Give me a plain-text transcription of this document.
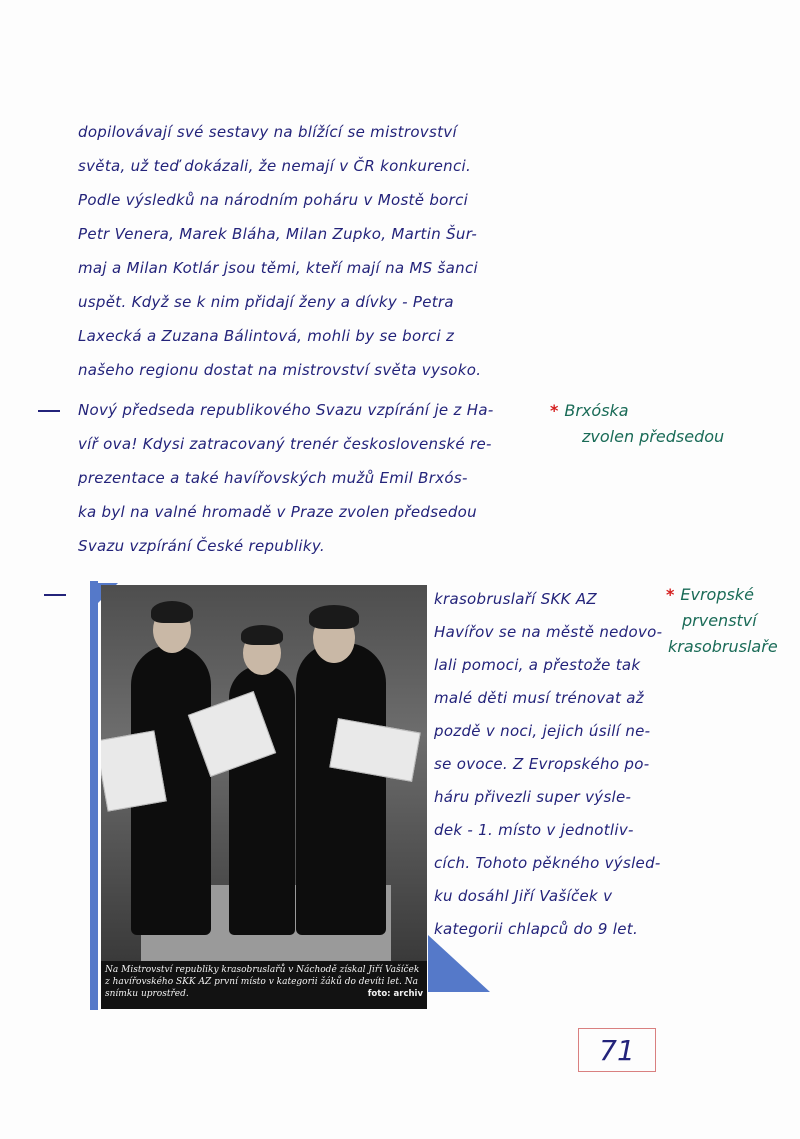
dopilovávají své sestavy na blížící se mistrovství
světa, už teď dokázali, že nemají v ČR konkurenci.
Podle výsledků na národním poháru v Mostě borci
Petr Venera, Marek Bláha, Milan Zupko, Martin Šur-
maj a Milan Kotlár jsou těmi, kteří mají na MS šanci
uspět. Když se k nim přidají ženy a dívky - Petra
Laxecká a Zuzana Bálintová, mohli by se borci z
našeho regionu dostat na mistrovství světa vysoko.
Nový předseda republikového Svazu vzpírání je z Ha-
víř ova! Kdysi zatracovaný trenér československé re-
prezentace a také havířovských mužů Emil Brxós-
ka byl na valné hromadě v Praze zvolen předsedou
Svazu vzpírání České republiky.
* Brxóska
zvolen předsedou
Na Mistrovství republiky krasobruslařů v Náchodě získal Jiří Vašíček z havířovského SKK AZ první místo v kategorii žáků do devíti let. Na snímku uprostřed.	foto: archiv
krasobruslaří SKK AZ
Havířov se na městě nedovo-
lali pomoci, a přestože tak
malé děti musí trénovat až
pozdě v noci, jejich úsilí ne-
se ovoce. Z Evropského po-
háru přivezli super výsle-
dek - 1. místo v jednotliv-
cích. Tohoto pěkného výsled-
ku dosáhl Jiří Vašíček v
kategorii chlapců do 9 let.
* Evropské
prvenství
krasobruslaře
71
